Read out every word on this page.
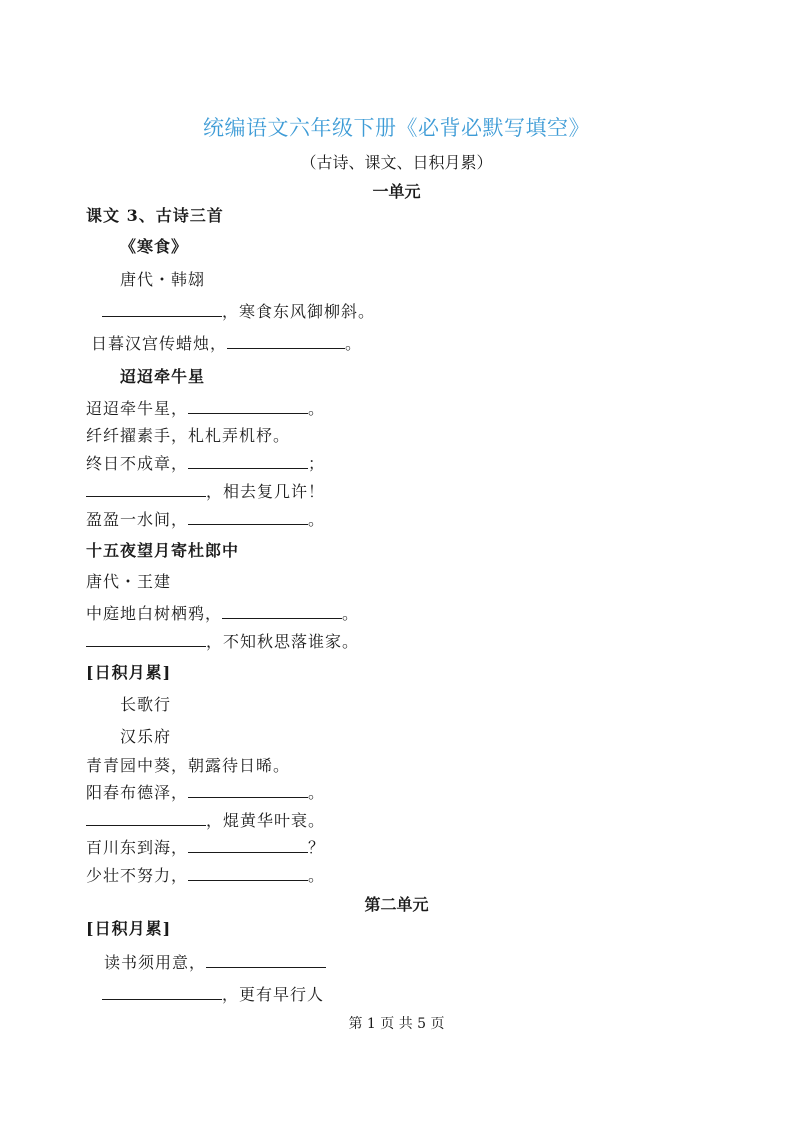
统编语文六年级下册《必背必默写填空》
（古诗、课文、日积月累）
一单元
课文 3、古诗三首
《寒食》
唐代・韩翃
，寒食东风御柳斜。
日暮汉宫传蜡烛，	。
迢迢牵牛星
迢迢牵牛星，	。
纤纤擢素手，札札弄机杼。
终日不成章，	；
，相去复几许！
盈盈一水间，	。
十五夜望月寄杜郎中
唐代・王建
中庭地白树栖鸦，	。
，不知秋思落谁家。
[日积月累]
长歌行
汉乐府
青青园中葵，朝露待日晞。
阳春布德泽，	。
，焜黄华叶衰。
百川东到海，	？
少壮不努力，	。
第二单元
[日积月累]
读书须用意，
，更有早行人
第 1 页 共 5 页
